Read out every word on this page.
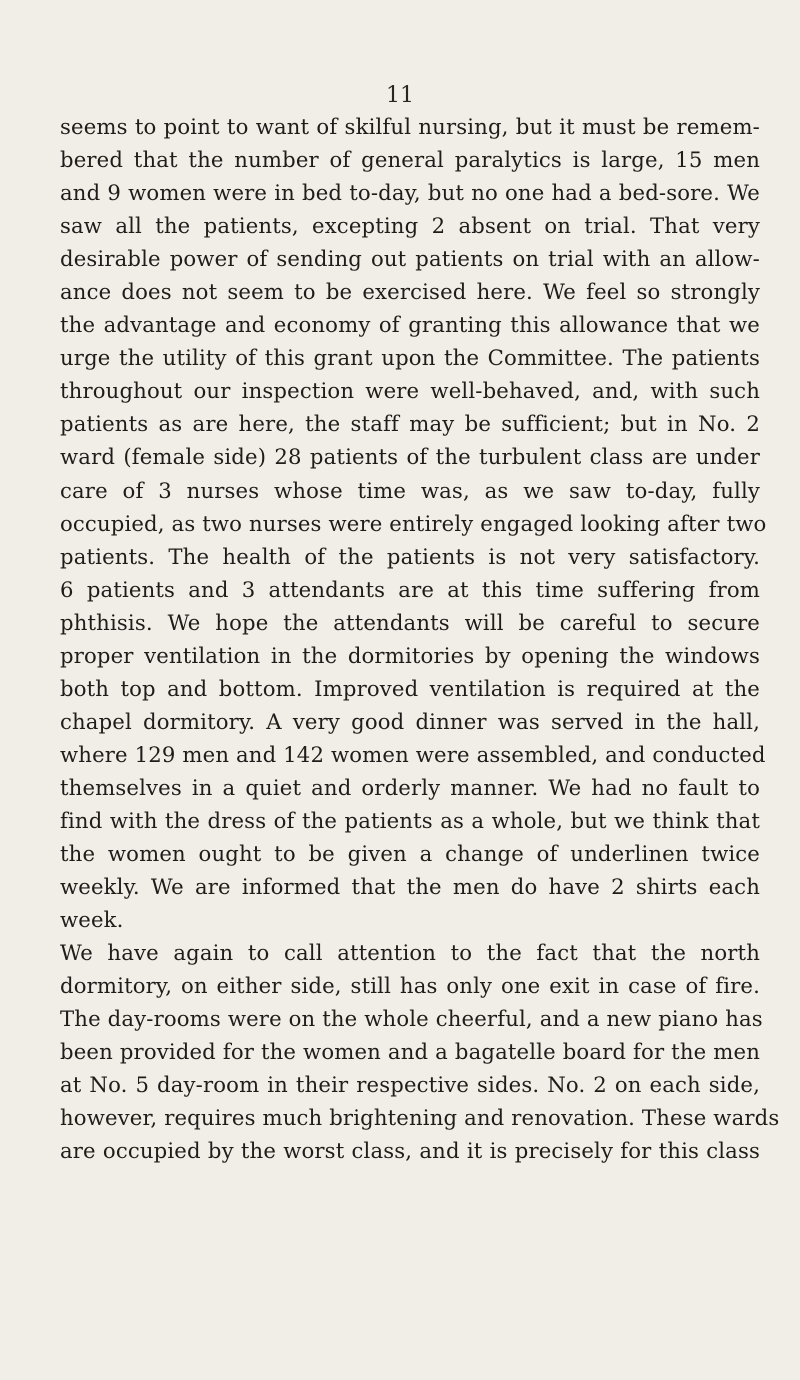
11
seems to point to want of skilful nursing, but it must be remem-
bered that the number of general paralytics is large, 15 men
and 9 women were in bed to-day, but no one had a bed-sore. We
saw all the patients, excepting 2 absent on trial. That very
desirable power of sending out patients on trial with an allow-
ance does not seem to be exercised here. We feel so strongly
the advantage and economy of granting this allowance that we
urge the utility of this grant upon the Committee. The patients
throughout our inspection were well-behaved, and, with such
patients as are here, the staff may be sufficient; but in No. 2
ward (female side) 28 patients of the turbulent class are under
care of 3 nurses whose time was, as we saw to-day, fully
occupied, as two nurses were entirely engaged looking after two
patients. The health of the patients is not very satisfactory.
6 patients and 3 attendants are at this time suffering from
phthisis. We hope the attendants will be careful to secure
proper ventilation in the dormitories by opening the windows
both top and bottom. Improved ventilation is required at the
chapel dormitory. A very good dinner was served in the hall,
where 129 men and 142 women were assembled, and conducted
themselves in a quiet and orderly manner. We had no fault to
find with the dress of the patients as a whole, but we think that
the women ought to be given a change of underlinen twice
weekly. We are informed that the men do have 2 shirts each
week.
We have again to call attention to the fact that the north
dormitory, on either side, still has only one exit in case of fire.
The day-rooms were on the whole cheerful, and a new piano has
been provided for the women and a bagatelle board for the men
at No. 5 day-room in their respective sides. No. 2 on each side,
however, requires much brightening and renovation. These wards
are occupied by the worst class, and it is precisely for this class
